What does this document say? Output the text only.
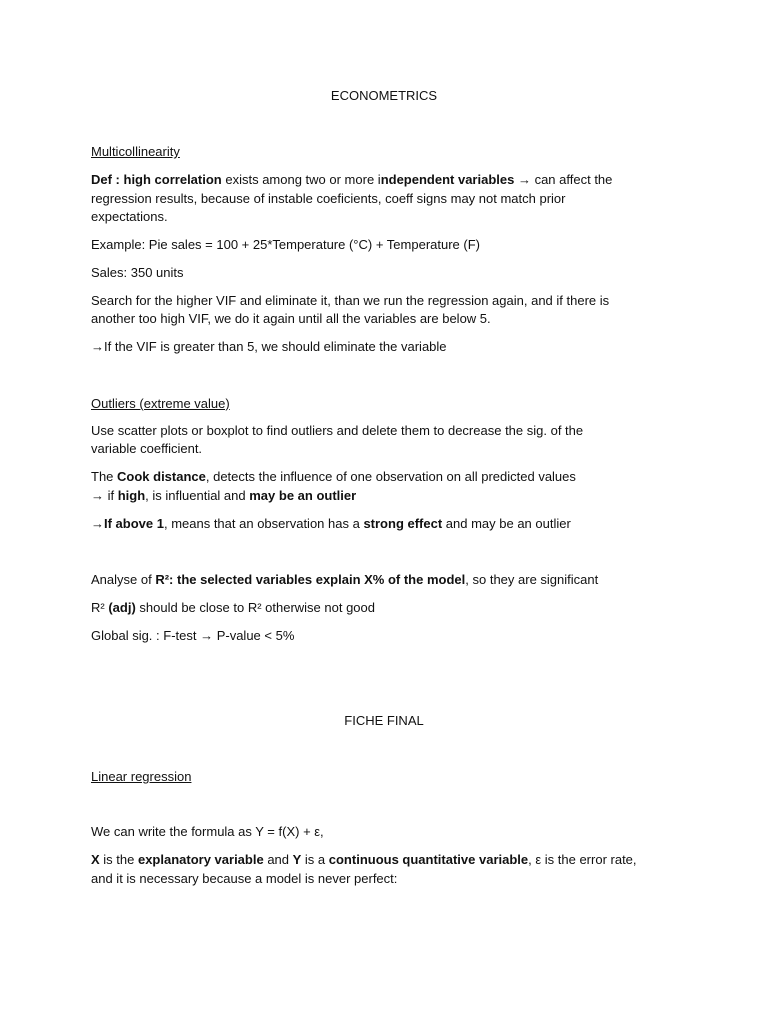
ECONOMETRICS
Multicollinearity
Def : high correlation exists among two or more independent variables → can affect the
regression results, because of instable coeficients, coeff signs may not match prior
expectations.
Example: Pie sales = 100 + 25*Temperature (°C) + Temperature (F)
Sales: 350 units
Search for the higher VIF and eliminate it, than we run the regression again, and if there is
another too high VIF, we do it again until all the variables are below 5.
→If the VIF is greater than 5, we should eliminate the variable
Outliers (extreme value)
Use scatter plots or boxplot to find outliers and delete them to decrease the sig. of the
variable coefficient.
The Cook distance, detects the influence of one observation on all predicted values
→ if high, is influential and may be an outlier
→If above 1, means that an observation has a strong effect and may be an outlier
Analyse of R²: the selected variables explain X% of the model, so they are significant
R² (adj) should be close to R² otherwise not good
Global sig. : F-test → P-value < 5%
FICHE FINAL
Linear regression
We can write the formula as Y = f(X) + ε,
X is the explanatory variable and Y is a continuous quantitative variable, ε is the error rate,
and it is necessary because a model is never perfect:
